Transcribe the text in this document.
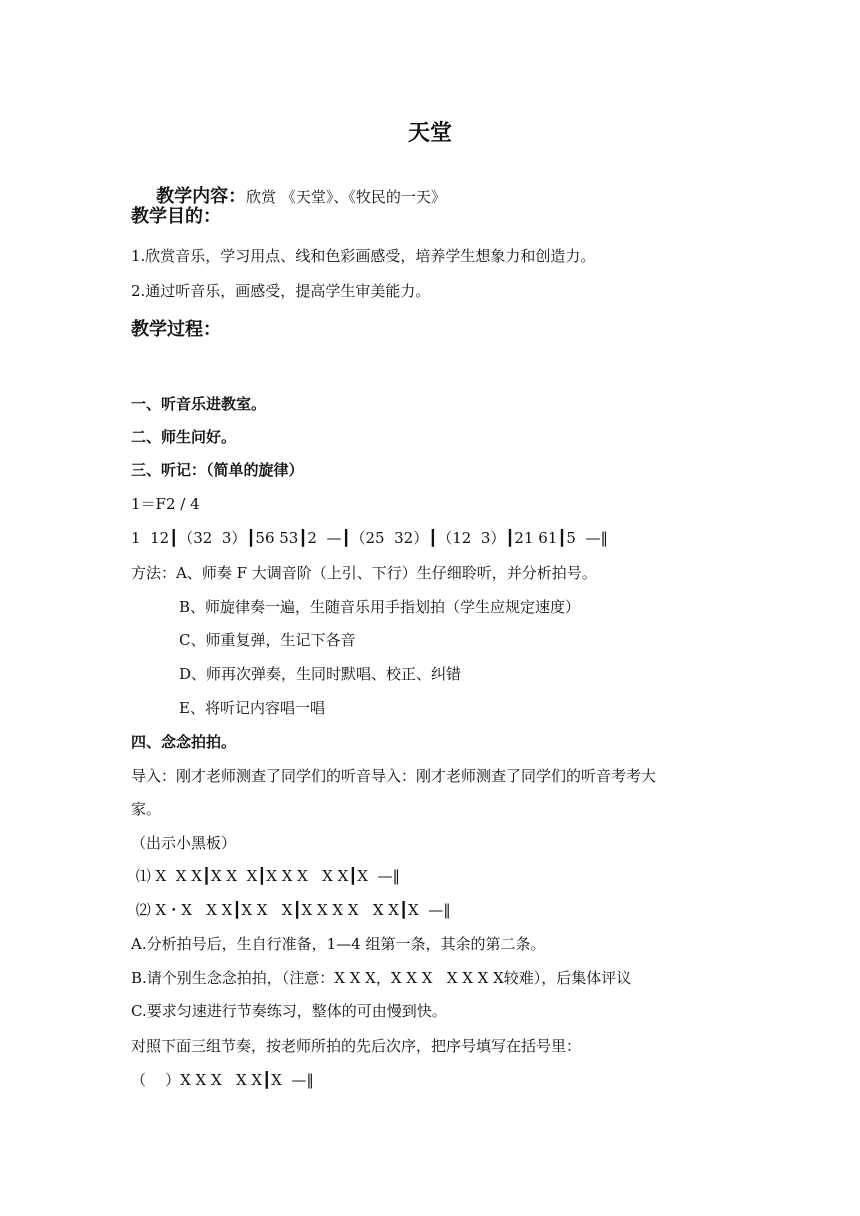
天堂

教学内容：欣赏 《天堂》、《牧民的一天》

教学目的：
1.欣赏音乐，学习用点、线和色彩画感受，培养学生想象力和创造力。
2.通过听音乐，画感受，提高学生审美能力。
教学过程：
一、听音乐进教室。
二、师生问好。
三、听记：（简单的旋律）
1＝F2 / 4
1  12┃（32  3）┃56 53┃2  —┃（25  32）┃（12  3）┃21 61┃5  —‖
方法：A、师奏 F 大调音阶（上引、下行）生仔细聆听，并分析拍号。
B、师旋律奏一遍，生随音乐用手指划拍（学生应规定速度）
C、师重复弹，生记下各音
D、师再次弹奏，生同时默唱、校正、纠错
E、将听记内容唱一唱
四、念念拍拍。
导入：刚才老师测查了同学们的听音导入：刚才老师测查了同学们的听音考考大
家。
（出示小黑板）
⑴ X  X X┃X X  X┃X X X   X X┃X  —‖
⑵ X・X   X X┃X X   X┃X X X X   X X┃X  —‖
A.分析拍号后，生自行准备，1—4 组第一条，其余的第二条。
B.请个别生念念拍拍，（注意：X X X，X X X   X X X X较难），后集体评议
C.要求匀速进行节奏练习，整体的可由慢到快。
对照下面三组节奏，按老师所拍的先后次序，把序号填写在括号里：
（    ）X X X   X X┃X  —‖
